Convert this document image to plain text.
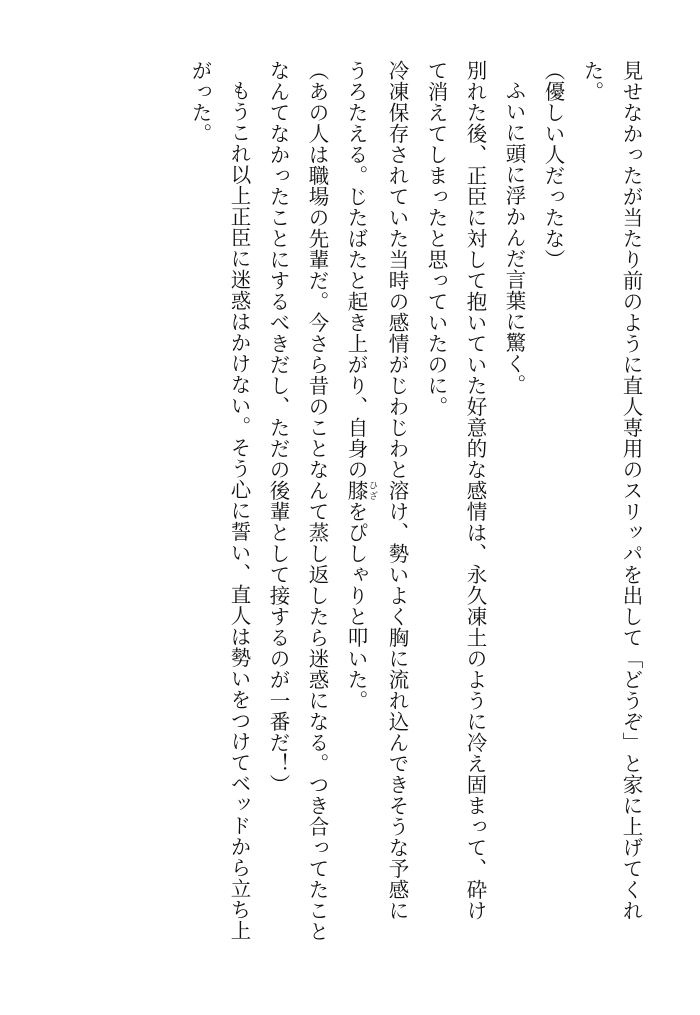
見せなかったが当たり前のように直人専用のスリッパを出して「どうぞ」と家に上げてくれ
た。
（優しい人だったな）
ふいに頭に浮かんだ言葉に驚く。
別れた後、正臣に対して抱いていた好意的な感情は、永久凍土のように冷え固まって、砕け
て消えてしまったと思っていたのに。
冷凍保存されていた当時の感情がじわじわと溶け、勢いよく胸に流れ込んできそうな予感に
うろたえる。じたばたと起き上がり、自身の膝 ひざをぴしゃりと叩いた。
（あの人は職場の先輩だ。今さら昔のことなんて蒸し返したら迷惑になる。つき合ってたこと
なんてなかったことにするべきだし、ただの後輩として接するのが一番だ！）
もうこれ以上正臣に迷惑はかけない。そう心に誓い、直人は勢いをつけてベッドから立ち上
がった。
